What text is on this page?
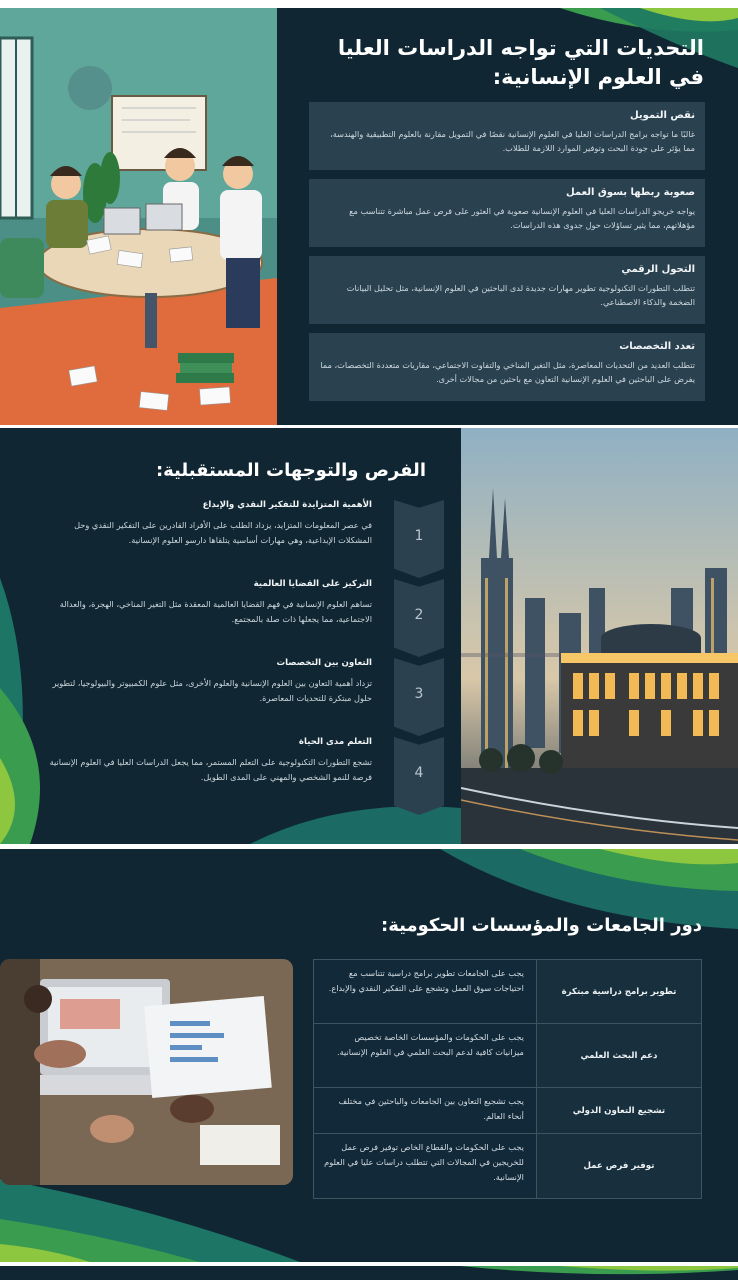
التحديات التي تواجه الدراسات العليا في العلوم الإنسانية:
نقص التمويل

غالبًا ما تواجه برامج الدراسات العليا في العلوم الإنسانية نقصًا في التمويل مقارنة بالعلوم التطبيقية والهندسة، مما يؤثر على جودة البحث وتوفير الموارد اللازمة للطلاب.

صعوبة ربطها بسوق العمل

يواجه خريجو الدراسات العليا في العلوم الإنسانية صعوبة في العثور على فرص عمل مباشرة تتناسب مع مؤهلاتهم، مما يثير تساؤلات حول جدوى هذه الدراسات.

التحول الرقمي

تتطلب التطورات التكنولوجية تطوير مهارات جديدة لدى الباحثين في العلوم الإنسانية، مثل تحليل البيانات الضخمة والذكاء الاصطناعي.

تعدد التخصصات

تتطلب العديد من التحديات المعاصرة، مثل التغير المناخي والتفاوت الاجتماعي، مقاربات متعددة التخصصات، مما يفرض على الباحثين في العلوم الإنسانية التعاون مع باحثين من مجالات أخرى.

الفرص والتوجهات المستقبلية:
1
الأهمية المتزايدة للتفكير النقدي والإبداع

في عصر المعلومات المتزايد، يزداد الطلب على الأفراد القادرين على التفكير النقدي وحل المشكلات الإبداعية، وهي مهارات أساسية يتلقاها دارسو العلوم الإنسانية.

2
التركيز على القضايا العالمية

تساهم العلوم الإنسانية في فهم القضايا العالمية المعقدة مثل التغير المناخي، الهجرة، والعدالة الاجتماعية، مما يجعلها ذات صلة بالمجتمع.

3
التعاون بين التخصصات

تزداد أهمية التعاون بين العلوم الإنسانية والعلوم الأخرى، مثل علوم الكمبيوتر والبيولوجيا، لتطوير حلول مبتكرة للتحديات المعاصرة.

4
التعلم مدى الحياة

تشجع التطورات التكنولوجية على التعلم المستمر، مما يجعل الدراسات العليا في العلوم الإنسانية فرصة للنمو الشخصي والمهني على المدى الطويل.

دور الجامعات والمؤسسات الحكومية:
تطوير برامج دراسية مبتكرة
يجب على الجامعات تطوير برامج دراسية تتناسب مع احتياجات سوق العمل وتشجع على التفكير النقدي والإبداع.
دعم البحث العلمي
يجب على الحكومات والمؤسسات الخاصة تخصيص ميزانيات كافية لدعم البحث العلمي في العلوم الإنسانية.
تشجيع التعاون الدولي
يجب تشجيع التعاون بين الجامعات والباحثين في مختلف أنحاء العالم.
توفير فرص عمل
يجب على الحكومات والقطاع الخاص توفير فرص عمل للخريجين في المجالات التي تتطلب دراسات عليا في العلوم الإنسانية.
